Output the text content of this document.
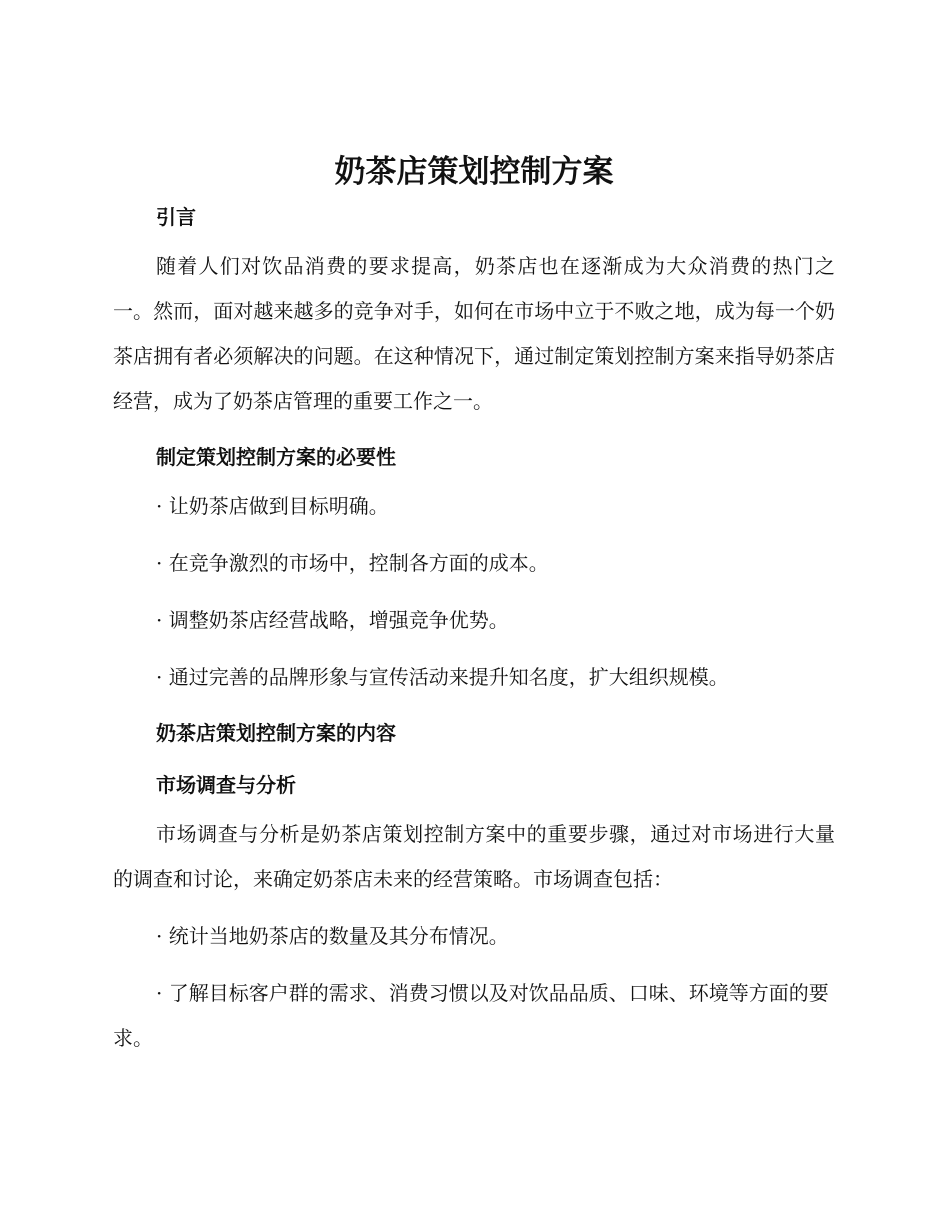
奶茶店策划控制方案
引言

随着人们对饮品消费的要求提高，奶茶店也在逐渐成为大众消费的热门之一。然而，面对越来越多的竞争对手，如何在市场中立于不败之地，成为每一个奶茶店拥有者必须解决的问题。在这种情况下，通过制定策划控制方案来指导奶茶店经营，成为了奶茶店管理的重要工作之一。

制定策划控制方案的必要性

· 让奶茶店做到目标明确。

· 在竞争激烈的市场中，控制各方面的成本。

· 调整奶茶店经营战略，增强竞争优势。

· 通过完善的品牌形象与宣传活动来提升知名度，扩大组织规模。

奶茶店策划控制方案的内容
市场调查与分析

市场调查与分析是奶茶店策划控制方案中的重要步骤，通过对市场进行大量的调查和讨论，来确定奶茶店未来的经营策略。市场调查包括：

· 统计当地奶茶店的数量及其分布情况。

· 了解目标客户群的需求、消费习惯以及对饮品品质、口味、环境等方面的要求。
